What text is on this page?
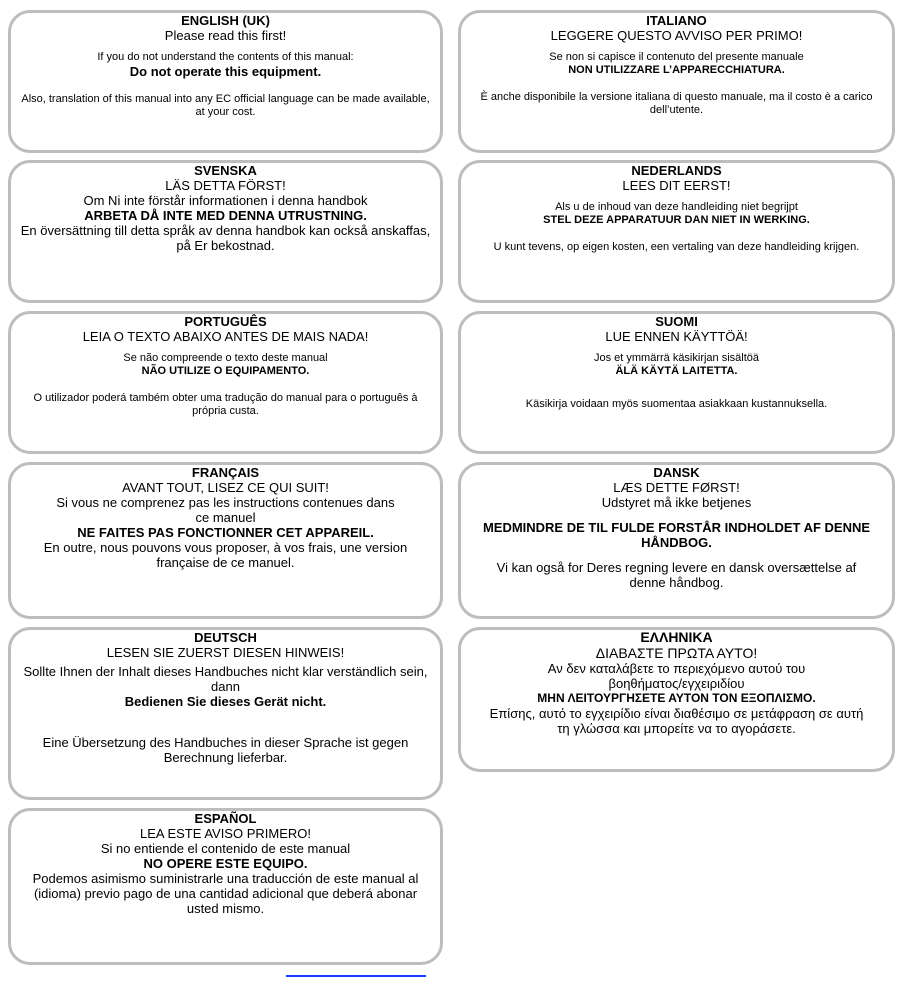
ENGLISH (UK)

Please read this first!

If you do not understand the contents of this manual:

Do not operate this equipment.

Also, translation of this manual into any EC official language can be made available, at your cost.

ITALIANO

LEGGERE QUESTO AVVISO PER PRIMO!

Se non si capisce il contenuto del presente manuale

NON UTILIZZARE L’APPARECCHIATURA.

È anche disponibile la versione italiana di questo manuale, ma il costo è a carico dell’utente.

SVENSKA

LÄS DETTA FÖRST!

Om Ni inte förstår informationen i denna handbok

ARBETA DÅ INTE MED DENNA UTRUSTNING.

En översättning till detta språk av denna handbok kan också anskaffas, på Er bekostnad.

NEDERLANDS

LEES DIT EERST!

Als u de inhoud van deze handleiding niet begrijpt

STEL DEZE APPARATUUR DAN NIET IN WERKING.

U kunt tevens, op eigen kosten, een vertaling van deze handleiding krijgen.

PORTUGUÊS

LEIA O TEXTO ABAIXO ANTES DE MAIS NADA!

Se não compreende o texto deste manual

NÃO UTILIZE O EQUIPAMENTO.

O utilizador poderá também obter uma tradução do manual para o português à própria custa.

SUOMI

LUE ENNEN KÄYTTÖÄ!

Jos et ymmärrä käsikirjan sisältöä

ÄLÄ KÄYTÄ LAITETTA.

Käsikirja voidaan myös suomentaa asiakkaan kustannuksella.

FRANÇAIS

AVANT TOUT, LISEZ CE QUI SUIT!

Si vous ne comprenez pas les instructions contenues dans ce manuel

NE FAITES PAS FONCTIONNER CET APPAREIL.

En outre, nous pouvons vous proposer, à vos frais, une version française de ce manuel.

DANSK

LÆS DETTE FØRST!

Udstyret må ikke betjenes

MEDMINDRE DE TIL FULDE FORSTÅR INDHOLDET AF DENNE HÅNDBOG.

Vi kan også for Deres regning levere en dansk oversættelse af denne håndbog.

DEUTSCH

LESEN SIE ZUERST DIESEN HINWEIS!

Sollte Ihnen der Inhalt dieses Handbuches nicht klar verständlich sein, dann

Bedienen Sie dieses Gerät nicht.

Eine Übersetzung des Handbuches in dieser Sprache ist gegen Berechnung lieferbar.

ΕΛΛΗΝΙΚΑ

ΔΙΑΒΑΣΤΕ ΠΡΩΤΑ ΑΥΤΟ!

Αν δεν καταλάβετε το περιεχόμενο αυτού του βοηθήματος/εγχειριδίου

ΜΗΝ ΛΕΙΤΟΥΡΓΗΣΕΤΕ ΑΥΤΟΝ ΤΟΝ ΕΞΟΠΛΙΣΜΟ.

Επίσης, αυτό το εγχειρίδιο είναι διαθέσιμο σε μετάφραση σε αυτή τη γλώσσα και μπορείτε να το αγοράσετε.

ESPAÑOL

LEA ESTE AVISO PRIMERO!

Si no entiende el contenido de este manual

NO OPERE ESTE EQUIPO.

Podemos asimismo suministrarle una traducción de este manual al (idioma) previo pago de una cantidad adicional que deberá abonar usted mismo.
